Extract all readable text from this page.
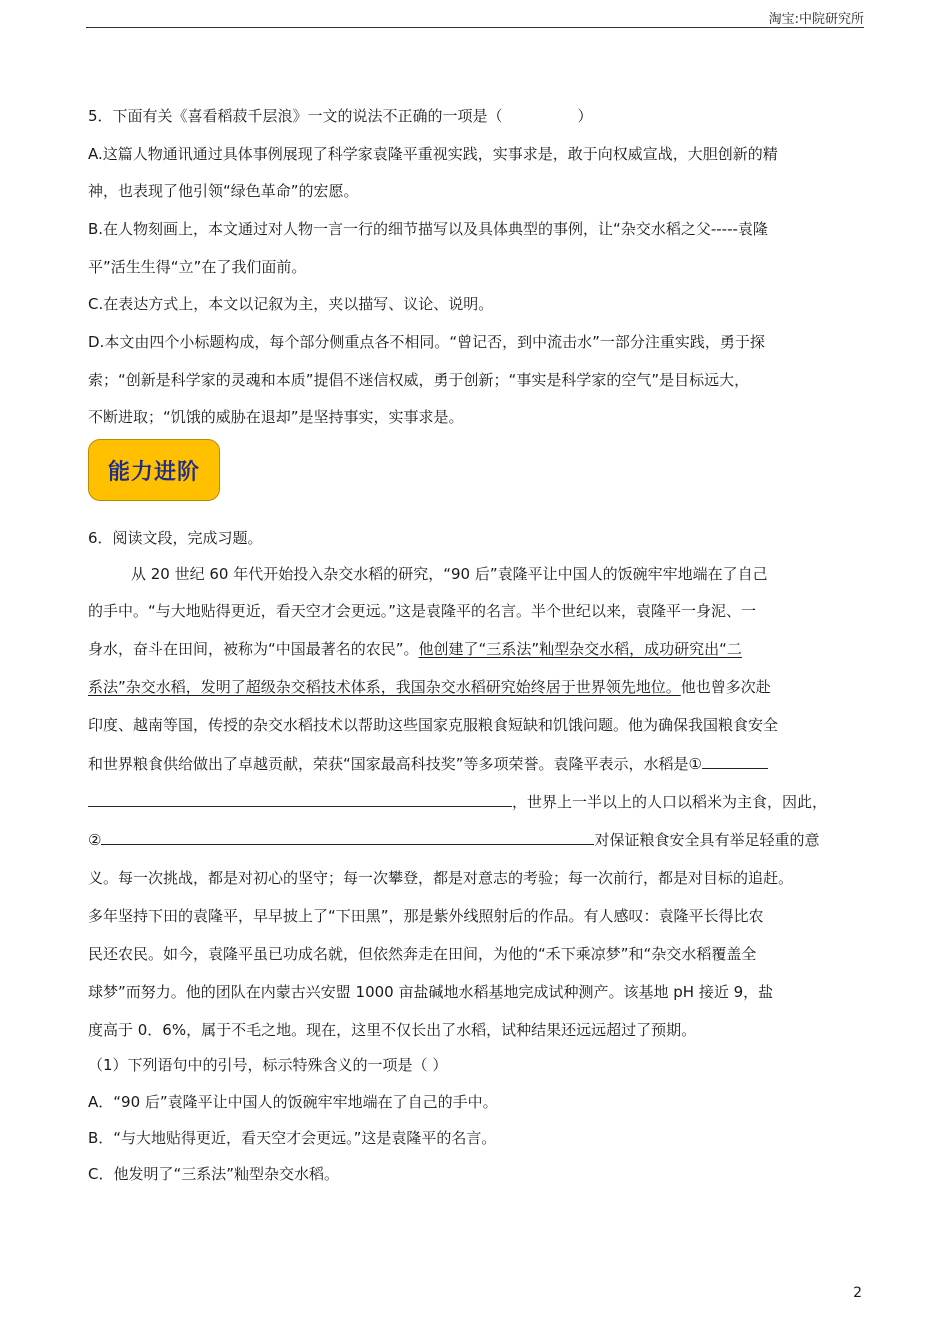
淘宝:中院研究所
5．下面有关《喜看稻菽千层浪》一文的说法不正确的一项是（　　　　　）
A.这篇人物通讯通过具体事例展现了科学家袁隆平重视实践，实事求是，敢于向权威宣战，大胆创新的精
神，也表现了他引领“绿色革命”的宏愿。
B.在人物刻画上，本文通过对人物一言一行的细节描写以及具体典型的事例，让“杂交水稻之父-----袁隆
平”活生生得“立”在了我们面前。
C.在表达方式上，本文以记叙为主，夹以描写、议论、说明。
D.本文由四个小标题构成，每个部分侧重点各不相同。“曾记否，到中流击水”一部分注重实践，勇于探
索；“创新是科学家的灵魂和本质”提倡不迷信权威，勇于创新；“事实是科学家的空气”是目标远大，
不断进取；“饥饿的威胁在退却”是坚持事实，实事求是。
能力进阶
6．阅读文段，完成习题。
从 20 世纪 60 年代开始投入杂交水稻的研究，“90 后”袁隆平让中国人的饭碗牢牢地端在了自己
的手中。“与大地贴得更近，看天空才会更远。”这是袁隆平的名言。半个世纪以来，袁隆平一身泥、一
身水，奋斗在田间，被称为“中国最著名的农民”。他创建了“三系法”籼型杂交水稻，成功研究出“二
系法”杂交水稻，发明了超级杂交稻技术体系，我国杂交水稻研究始终居于世界领先地位。他也曾多次赴
印度、越南等国，传授的杂交水稻技术以帮助这些国家克服粮食短缺和饥饿问题。他为确保我国粮食安全
和世界粮食供给做出了卓越贡献，荣获“国家最高科技奖”等多项荣誉。袁隆平表示，水稻是①
，世界上一半以上的人口以稻米为主食，因此，
②	对保证粮食安全具有举足轻重的意
义。每一次挑战，都是对初心的坚守；每一次攀登，都是对意志的考验；每一次前行，都是对目标的追赶。
多年坚持下田的袁隆平，早早披上了“下田黑”，那是紫外线照射后的作品。有人感叹：袁隆平长得比农
民还农民。如今，袁隆平虽已功成名就，但依然奔走在田间，为他的“禾下乘凉梦”和“杂交水稻覆盖全
球梦”而努力。他的团队在内蒙古兴安盟 1000 亩盐碱地水稻基地完成试种测产。该基地 pH 接近 9，盐
度高于 0．6%，属于不毛之地。现在，这里不仅长出了水稻，试种结果还远远超过了预期。
（1）下列语句中的引号，标示特殊含义的一项是（ ）
A．“90 后”袁隆平让中国人的饭碗牢牢地端在了自己的手中。
B．“与大地贴得更近，看天空才会更远。”这是袁隆平的名言。
C．他发明了“三系法”籼型杂交水稻。
2
